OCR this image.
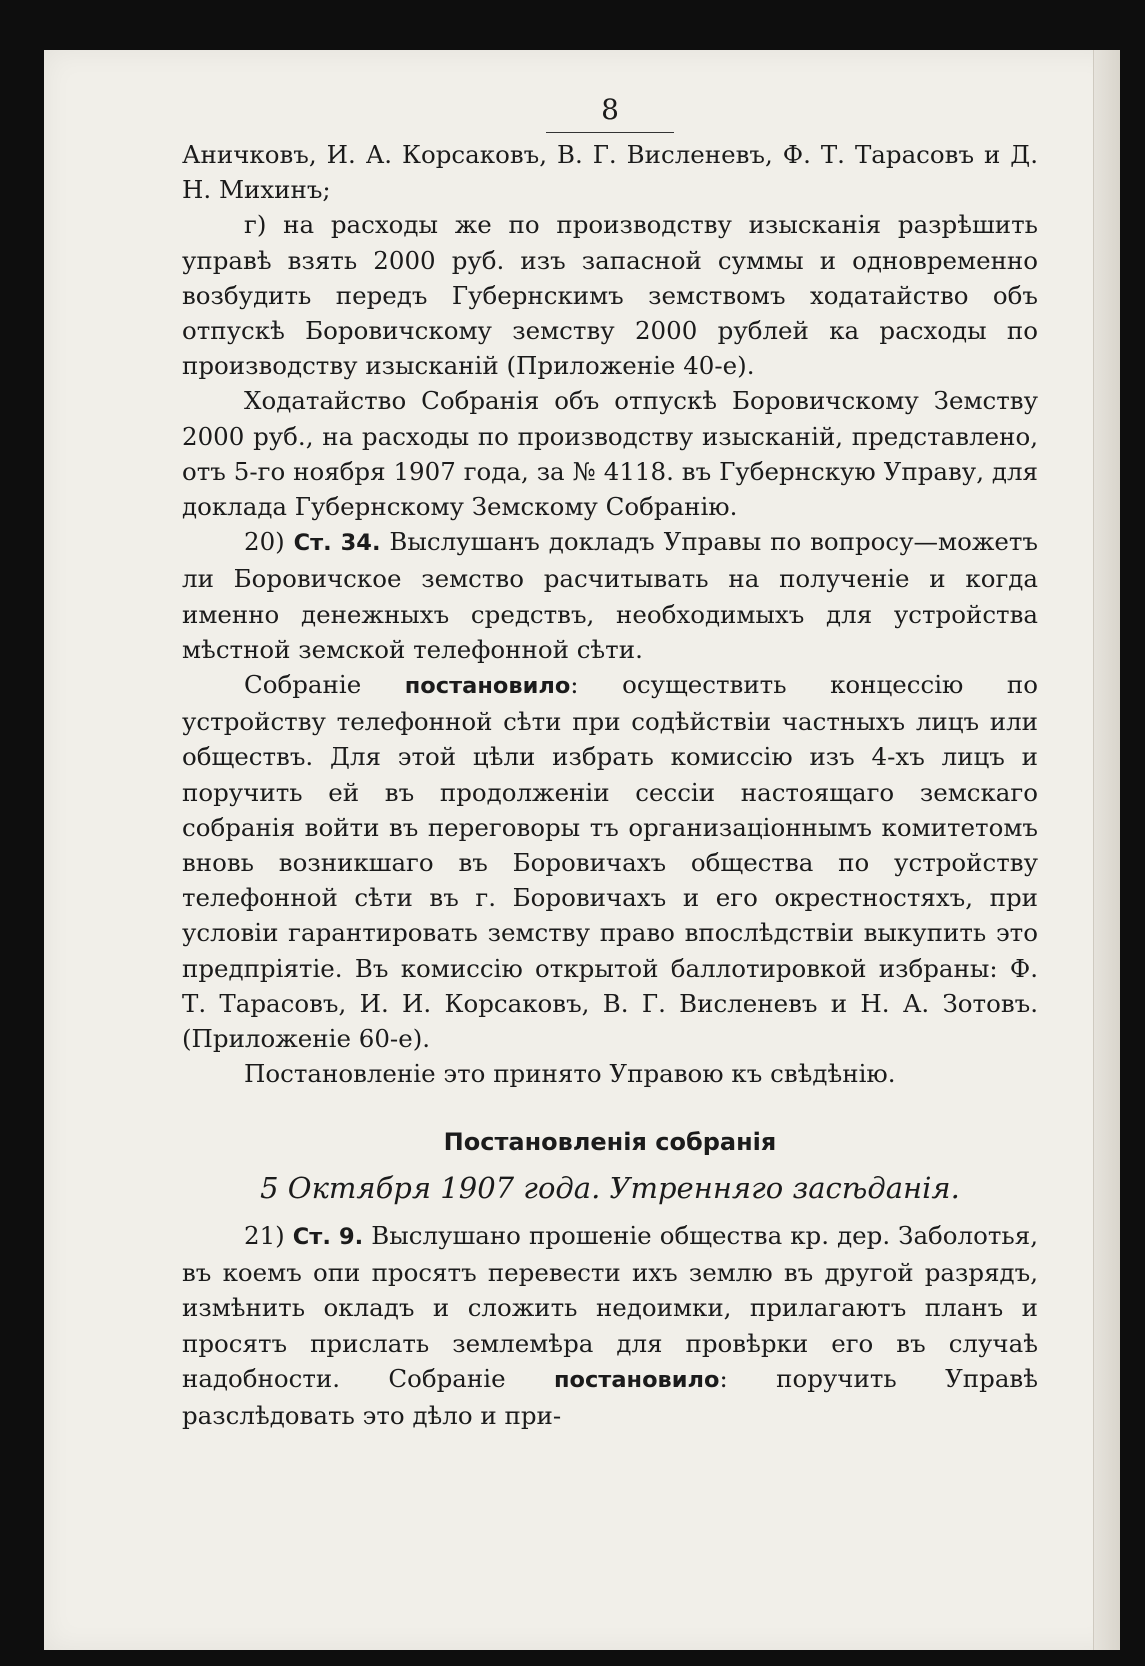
8

Аничковъ, И. А. Корсаковъ, В. Г. Висленевъ, Ф. Т. Тарасовъ и Д. Н. Михинъ;

г) на расходы же по производству изысканія разрѣшить управѣ взять 2000 руб. изъ запасной суммы и одновременно возбудить передъ Губернскимъ земствомъ ходатайство объ отпускѣ Боровичскому земству 2000 рублей ка расходы по производству изысканій (Приложеніе 40-е).

Ходатайство Собранія объ отпускѣ Боровичскому Земству 2000 руб., на расходы по производству изысканій, представлено, отъ 5-го ноября 1907 года, за № 4118. въ Губернскую Управу, для доклада Губернскому Земскому Собранію.

20) Ст. 34. Выслушанъ докладъ Управы по вопросу—можетъ ли Боровичское земство расчитывать на полученіе и когда именно денежныхъ средствъ, необходимыхъ для устройства мѣстной земской телефонной сѣти.

Собраніе постановило: осуществить концессію по устройству телефонной сѣти при содѣйствіи частныхъ лицъ или обществъ. Для этой цѣли избрать комиссію изъ 4-хъ лицъ и поручить ей въ продолженіи сессіи настоящаго земскаго собранія войти въ переговоры тъ организаціоннымъ комитетомъ вновь возникшаго въ Боровичахъ общества по устройству телефонной сѣти въ г. Боровичахъ и его окрестностяхъ, при условіи гарантировать земству право впослѣдствіи выкупить это предпріятіе. Въ комиссію открытой баллотировкой избраны: Ф. Т. Тарасовъ, И. И. Корсаковъ, В. Г. Висленевъ и Н. А. Зотовъ. (Приложеніе 60-е).

Постановленіе это принято Управою къ свѣдѣнію.

Постановленія собранія
5 Октября 1907 года. Утренняго засѣданія.

21) Ст. 9. Выслушано прошеніе общества кр. дер. Заболотья, въ коемъ опи просятъ перевести ихъ землю въ другой разрядъ, измѣнить окладъ и сложить недоимки, прилагаютъ планъ и просятъ прислать землемѣра для провѣрки его въ случаѣ надобности. Собраніе постановило: поручить Управѣ разслѣдовать это дѣло и при-
